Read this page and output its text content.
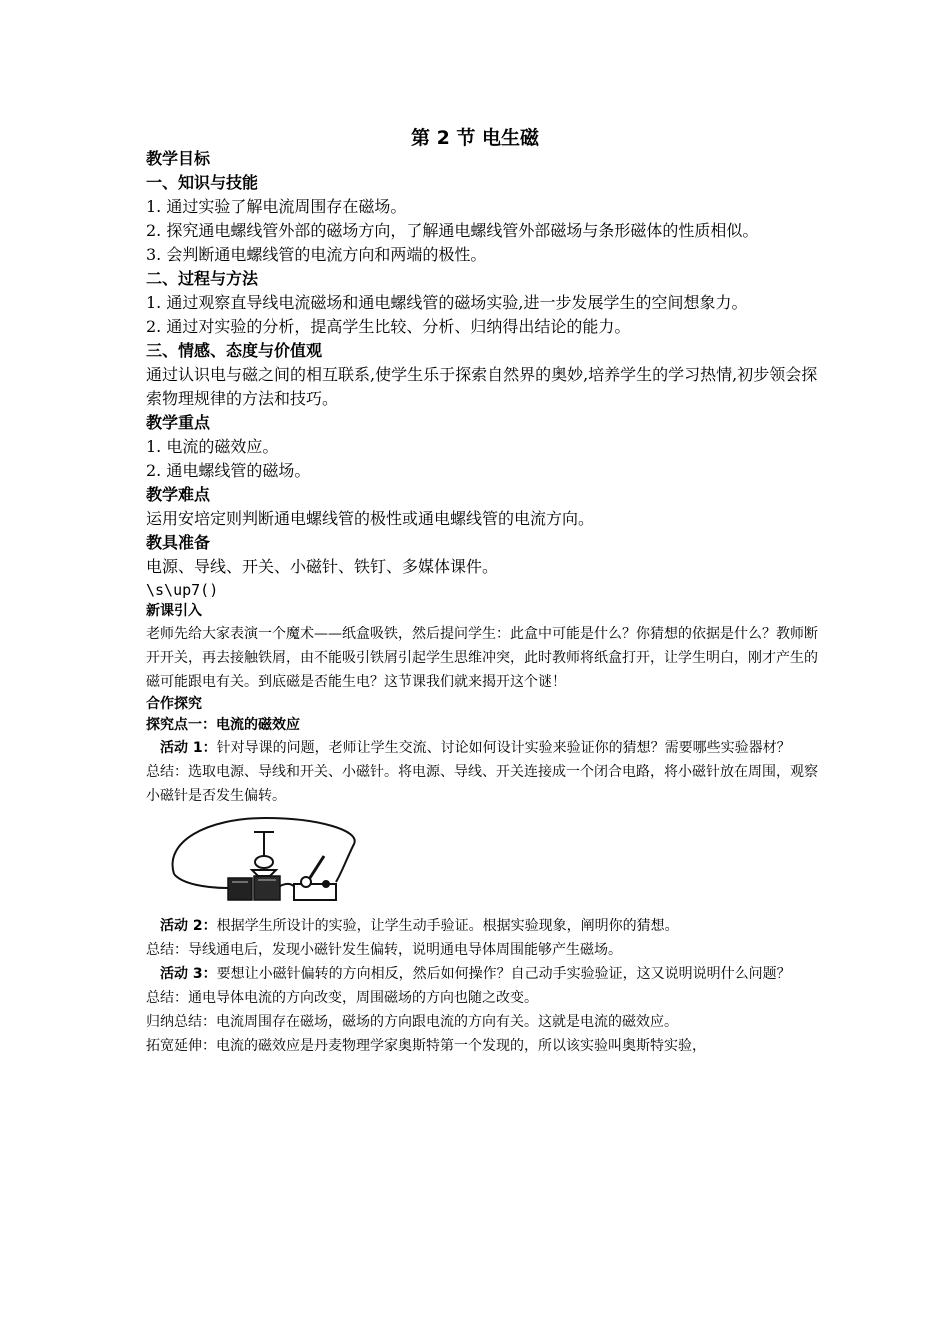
第 2 节 电生磁
教学目标
一、知识与技能
1. 通过实验了解电流周围存在磁场。
2. 探究通电螺线管外部的磁场方向，了解通电螺线管外部磁场与条形磁体的性质相似。
3. 会判断通电螺线管的电流方向和两端的极性。
二、过程与方法
1. 通过观察直导线电流磁场和通电螺线管的磁场实验,进一步发展学生的空间想象力。
2. 通过对实验的分析，提高学生比较、分析、归纳得出结论的能力。
三、情感、态度与价值观
通过认识电与磁之间的相互联系,使学生乐于探索自然界的奥妙,培养学生的学习热情,初步领会探索物理规律的方法和技巧。
教学重点
1. 电流的磁效应。
2. 通电螺线管的磁场。
教学难点
运用安培定则判断通电螺线管的极性或通电螺线管的电流方向。
教具准备
电源、导线、开关、小磁针、铁钉、多媒体课件。
\s\up7()
新课引入
老师先给大家表演一个魔术——纸盒吸铁，然后提问学生：此盒中可能是什么？你猜想的依据是什么？教师断开开关，再去接触铁屑，由不能吸引铁屑引起学生思维冲突，此时教师将纸盒打开，让学生明白，刚才产生的磁可能跟电有关。到底磁是否能生电？这节课我们就来揭开这个谜！
合作探究
探究点一：电流的磁效应
活动 1：针对导课的问题，老师让学生交流、讨论如何设计实验来验证你的猜想？需要哪些实验器材？
总结：选取电源、导线和开关、小磁针。将电源、导线、开关连接成一个闭合电路，将小磁针放在周围，观察小磁针是否发生偏转。
活动 2：根据学生所设计的实验，让学生动手验证。根据实验现象，阐明你的猜想。
总结：导线通电后，发现小磁针发生偏转，说明通电导体周围能够产生磁场。
活动 3：要想让小磁针偏转的方向相反，然后如何操作？自己动手实验验证，这又说明说明什么问题？
总结：通电导体电流的方向改变，周围磁场的方向也随之改变。
归纳总结：电流周围存在磁场，磁场的方向跟电流的方向有关。这就是电流的磁效应。
拓宽延伸：电流的磁效应是丹麦物理学家奥斯特第一个发现的，所以该实验叫奥斯特实验，
